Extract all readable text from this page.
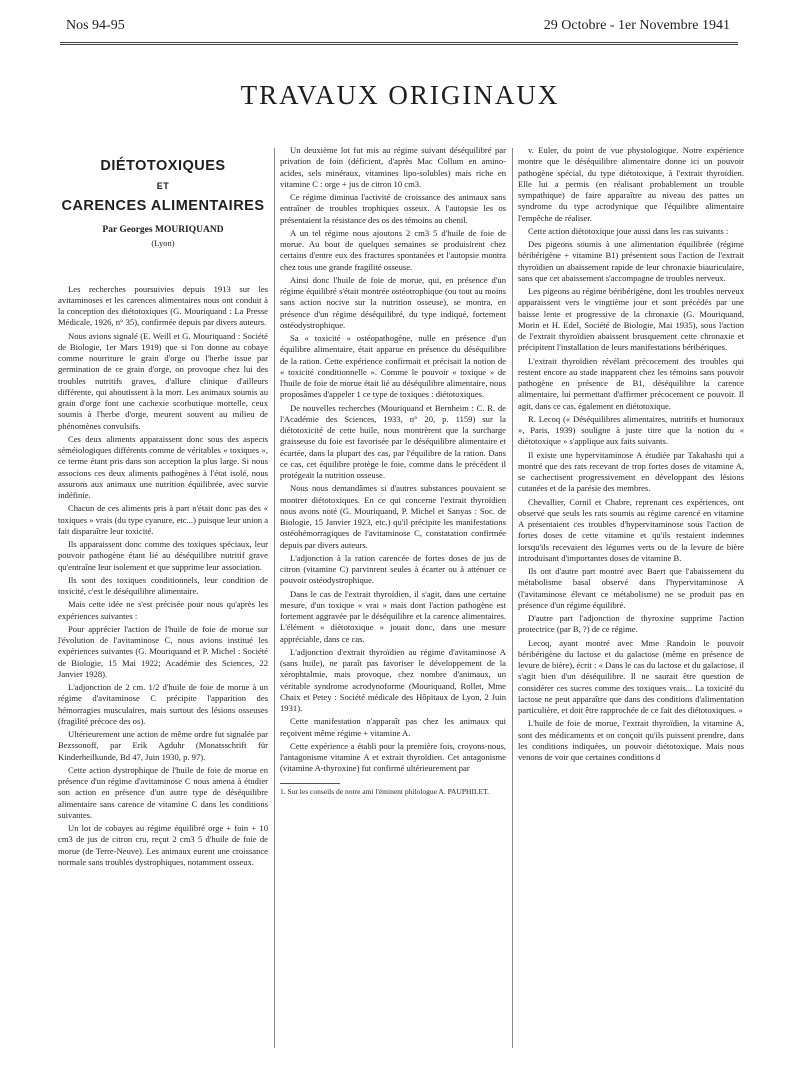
Nos 94-95	29 Octobre - 1er Novembre 1941
TRAVAUX ORIGINAUX
DIÉTOTOXIQUES
ET
CARENCES ALIMENTAIRES
Par Georges MOURIQUAND
(Lyon)

Les recherches poursuivies depuis 1913 sur les avitaminoses et les carences alimentaires nous ont conduit à la conception des diétotoxiques (G. Mouriquand : La Presse Médicale, 1926, n° 35), confirmée depuis par divers auteurs.

Nous avions signalé (E. Weill et G. Mouriquand : Société de Biologie, 1er Mars 1919) que si l'on donne au cobaye comme nourriture le grain d'orge ou l'herbe issue par germination de ce grain d'orge, on provoque chez lui des troubles nutritifs graves, d'allure clinique d'ailleurs différente, qui aboutissent à la mort. Les animaux soumis au grain d'orge font une cachexie scorbutique mortelle, ceux soumis à l'herbe d'orge, meurent souvent au milieu de phénomènes convulsifs.

Ces deux aliments apparaissent donc sous des aspects séméiologiques différents comme de véritables « toxiques », ce terme étant pris dans son acception la plus large. Si nous associons ces deux aliments pathogènes à l'état isolé, nous assurons aux animaux une nutrition équilibrée, avec survie indéfinie.

Chacun de ces aliments pris à part n'était donc pas des « toxiques » vrais (du type cyanure, etc...) puisque leur union a fait disparaître leur toxicité.

Ils apparaissent donc comme des toxiques spéciaux, leur pouvoir pathogène étant lié au déséquilibre nutritif grave qu'entraîne leur isolement et que supprime leur association.

Ils sont des toxiques conditionnels, leur condition de toxicité, c'est le déséquilibre alimentaire.

Mais cette idée ne s'est précisée pour nous qu'après les expériences suivantes :

Pour apprécier l'action de l'huile de foie de morue sur l'évolution de l'avitaminose C, nous avions institué les expériences suivantes (G. Mouriquand et P. Michel : Société de Biologie, 15 Mai 1922; Académie des Sciences, 22 Janvier 1928).

L'adjonction de 2 cm. 1/2 d'huile de foie de morue à un régime d'avitaminose C précipite l'apparition des hémorragies musculaires, mais surtout des lésions osseuses (fragilité précoce des os).

Ultérieurement une action de même ordre fut signalée par Bezssonoff, par Erik Agduhr (Monatsschrift für Kinderheilkunde, Bd 47, Juin 1930, p. 97).

Cette action dystrophique de l'huile de foie de morue en présence d'un régime d'avitaminose C nous amena à étudier son action en présence d'un autre type de déséquilibre alimentaire sans carence de vitamine C dans les conditions suivantes.

Un lot de cobayes au régime équilibré orge + foin + 10 cm3 de jus de citron cru, reçut 2 cm3 5 d'huile de foie de morue (de Terre-Neuve). Les animaux eurent une croissance normale sans troubles dystrophiques, notamment osseux.

Un deuxième lot fut mis au régime suivant déséquilibré par privation de foin (déficient, d'après Mac Collum en amino-acides, sels minéraux, vitamines lipo-solubles) mais riche en vitamine C : orge + jus de citron 10 cm3.

Ce régime diminua l'activité de croissance des animaux sans entraîner de troubles trophiques osseux. A l'autopsie les os présentaient la résistance des os des témoins au chenil.

A un tel régime nous ajoutons 2 cm3 5 d'huile de foie de morue. Au bout de quelques semaines se produisirent chez certains d'entre eux des fractures spontanées et l'autopsie montra chez tous une grande fragilité osseuse.

Ainsi donc l'huile de foie de morue, qui, en présence d'un régime équilibré s'était montrée ostéotrophique (ou tout au moins sans action nocive sur la nutrition osseuse), se montra, en présence d'un régime déséquilibré, du type indiqué, fortement ostéodystrophique.

Sa « toxicité » ostéopathogène, nulle en présence d'un équilibre alimentaire, était apparue en présence du déséquilibre de la ration. Cette expérience confirmait et précisait la notion de « toxicité conditionnelle ». Comme le pouvoir « toxique » de l'huile de foie de morue était lié au déséquilibre alimentaire, nous proposâmes d'appeler 1 ce type de toxiques : diétotoxiques.

De nouvelles recherches (Mouriquand et Bernheim : C. R. de l'Académie des Sciences, 1933, n° 20, p. 1159) sur la diétotoxicité de cette huile, nous montrèrent que la surcharge graisseuse du foie est favorisée par le déséquilibre alimentaire et écartée, dans la plupart des cas, par l'équilibre de la ration. Dans ce cas, cet équilibre protège le foie, comme dans le précédent il protégeait la nutrition osseuse.

Nous nous demandâmes si d'autres substances pouvaient se montrer diétotoxiques. En ce qui concerne l'extrait thyroïdien nous avons noté (G. Mouriquand, P. Michel et Sanyas : Soc. de Biologie, 15 Janvier 1923, etc.) qu'il précipite les manifestations ostéohémorragiques de l'avitaminose C, constatation confirmée depuis par divers auteurs.

L'adjonction à la ration carencée de fortes doses de jus de citron (vitamine C) parvinrent seules à écarter ou à atténuer ce pouvoir ostéodystrophique.

Dans le cas de l'extrait thyroïdien, il s'agit, dans une certaine mesure, d'un toxique « vrai » mais dont l'action pathogène est fortement aggravée par le déséquilibre et la carence alimentaires. L'élément « diétotoxique » jouait donc, dans une mesure appréciable, dans ce cas.

L'adjonction d'extrait thyroïdien au régime d'avitaminose A (sans huile), ne paraît pas favoriser le développement de la xérophtalmie, mais provoque, chez nombre d'animaux, un véritable syndrome acrodynoforme (Mouriquand, Rollet, Mme Chaix et Petey : Société médicale des Hôpitaux de Lyon, 2 Juin 1931).

Cette manifestation n'apparaît pas chez les animaux qui reçoivent même régime + vitamine A.

Cette expérience a établi pour la première fois, croyons-nous, l'antagonisme vitamine A et extrait thyroïdien. Cet antagonisme (vitamine A-thyroxine) fut confirmé ultérieurement par

1. Sur les conseils de notre ami l'éminent philologue A. PAUPHILET.

v. Euler, du point de vue physiologique. Notre expérience montre que le déséquilibre alimentaire donne ici un pouvoir pathogène spécial, du type diétotoxique, à l'extrait thyroïdien. Elle lui a permis (en réalisant probablement un trouble sympathique) de faire apparaître au niveau des pattes un syndrome du type acrodynique que l'équilibre alimentaire l'empêche de réaliser.

Cette action diétotoxique joue aussi dans les cas suivants :

Des pigeons soumis à une alimentation équilibrée (régime béribérigène + vitamine B1) présentent sous l'action de l'extrait thyroïdien un abaissement rapide de leur chronaxie biauriculaire, sans que cet abaissement s'accompagne de troubles nerveux.

Les pigeons au régime béribérigène, dont les troubles nerveux apparaissent vers le vingtième jour et sont précédés par une baisse lente et progressive de la chronaxie (G. Mouriquand, Morin et H. Edel, Société de Biologie, Mai 1935), sous l'action de l'extrait thyroïdien abaissent brusquement cette chronaxie et précipitent l'installation de leurs manifestations béribériques.

L'extrait thyroïdien révélant précocement des troubles qui restent encore au stade inapparent chez les témoins sans pouvoir pathogène en présence de B1, déséquilibre la carence alimentaire, lui permettant d'affirmer précocement ce pouvoir. Il agit, dans ce cas, également en diétotoxique.

R. Lecoq (« Déséquilibres alimentaires, nutritifs et humoraux », Paris, 1939) souligne à juste titre que la notion du « diétotoxique » s'applique aux faits suivants.

Il existe une hypervitaminose A étudiée par Takahashi qui a montré que des rats recevant de trop fortes doses de vitamine A, se cachectisent progressivement en développant des lésions cutanées et de la parésie des membres.

Chevallier, Cornil et Chabre, reprenant ces expériences, ont observé que seuls les rats soumis au régime carencé en vitamine A présentaient ces troubles d'hypervitaminose sous l'action de fortes doses de cette vitamine et qu'ils restaient indemnes lorsqu'ils recevaient des légumes verts ou de la levure de bière introduisant d'importantes doses de vitamine B.

Ils ont d'autre part montré avec Baert que l'abaissement du métabolisme basal observé dans l'hypervitaminose A (l'avitaminose élevant ce métabolisme) ne se produit pas en présence d'un régime équilibré.

D'autre part l'adjonction de thyroxine supprime l'action protectrice (par B, ?) de ce régime.

Lecoq, ayant montré avec Mme Randoin le pouvoir béribérigène du lactose et du galactose (même en présence de levure de bière), écrit : « Dans le cas du lactose et du galactose, il s'agit bien d'un déséquilibre. Il ne saurait être question de considérer ces sucres comme des toxiques vrais... La toxicité du lactose ne peut apparaître que dans des conditions d'alimentation particulière, et doit être rapprochée de ce fait des diétotoxiques. »

L'huile de foie de morue, l'extrait thyroïdien, la vitamine A, sont des médicaments et on conçoit qu'ils puissent prendre, dans les conditions indiquées, un pouvoir diétotoxique. Mais nous venons de voir que certaines conditions d
